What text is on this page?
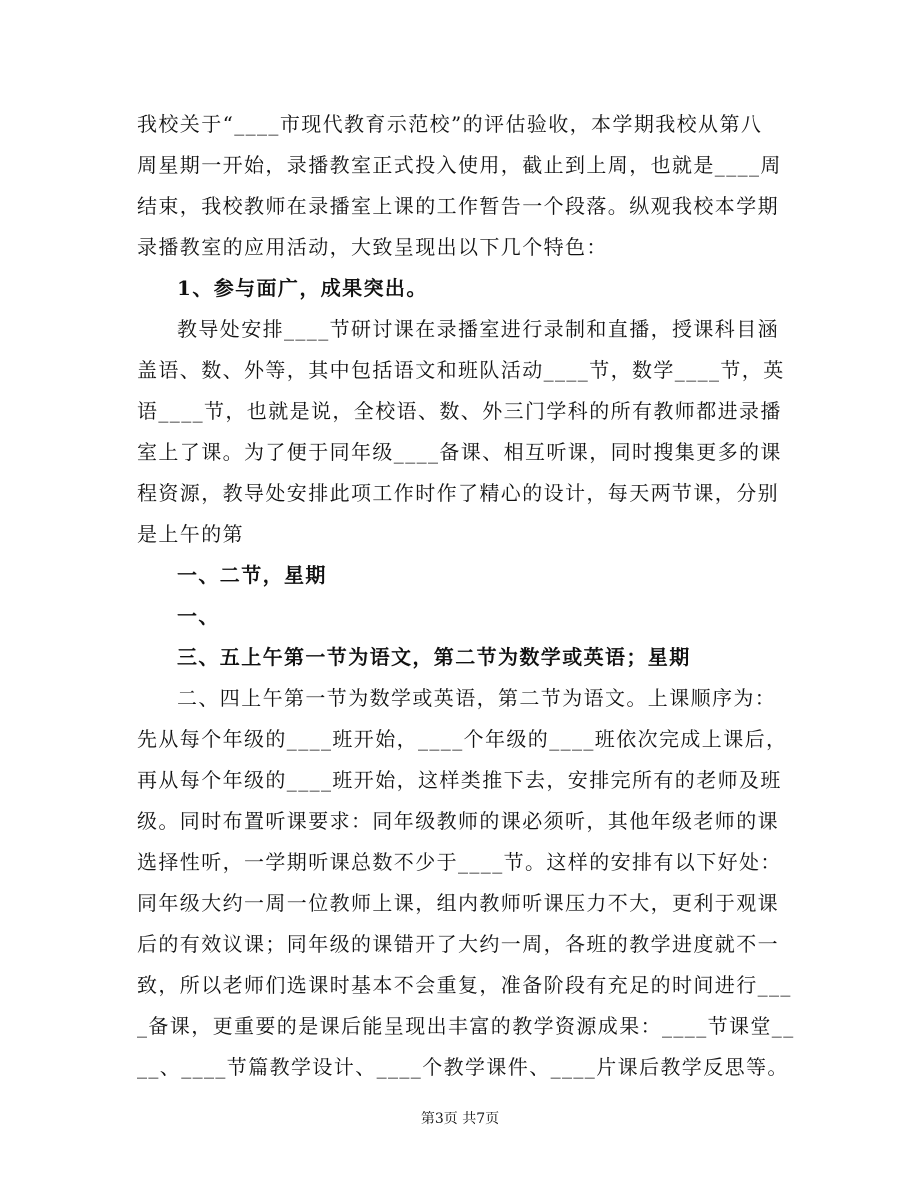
我校关于“____市现代教育示范校”的评估验收，本学期我校从第八
周星期一开始，录播教室正式投入使用，截止到上周，也就是____周
结束，我校教师在录播室上课的工作暂告一个段落。纵观我校本学期
录播教室的应用活动，大致呈现出以下几个特色：
1、参与面广，成果突出。
教导处安排____节研讨课在录播室进行录制和直播，授课科目涵
盖语、数、外等，其中包括语文和班队活动____节，数学____节，英
语____节，也就是说，全校语、数、外三门学科的所有教师都进录播
室上了课。为了便于同年级____备课、相互听课，同时搜集更多的课
程资源，教导处安排此项工作时作了精心的设计，每天两节课，分别
是上午的第
一、二节，星期
一、
三、五上午第一节为语文，第二节为数学或英语；星期
二、四上午第一节为数学或英语，第二节为语文。上课顺序为：
先从每个年级的____班开始，____个年级的____班依次完成上课后，
再从每个年级的____班开始，这样类推下去，安排完所有的老师及班
级。同时布置听课要求：同年级教师的课必须听，其他年级老师的课
选择性听，一学期听课总数不少于____节。这样的安排有以下好处：
同年级大约一周一位教师上课，组内教师听课压力不大，更利于观课
后的有效议课；同年级的课错开了大约一周，各班的教学进度就不一
致，所以老师们选课时基本不会重复，准备阶段有充足的时间进行___
_备课，更重要的是课后能呈现出丰富的教学资源成果：____节课堂__
__、____节篇教学设计、____个教学课件、____片课后教学反思等。
第3页 共7页
